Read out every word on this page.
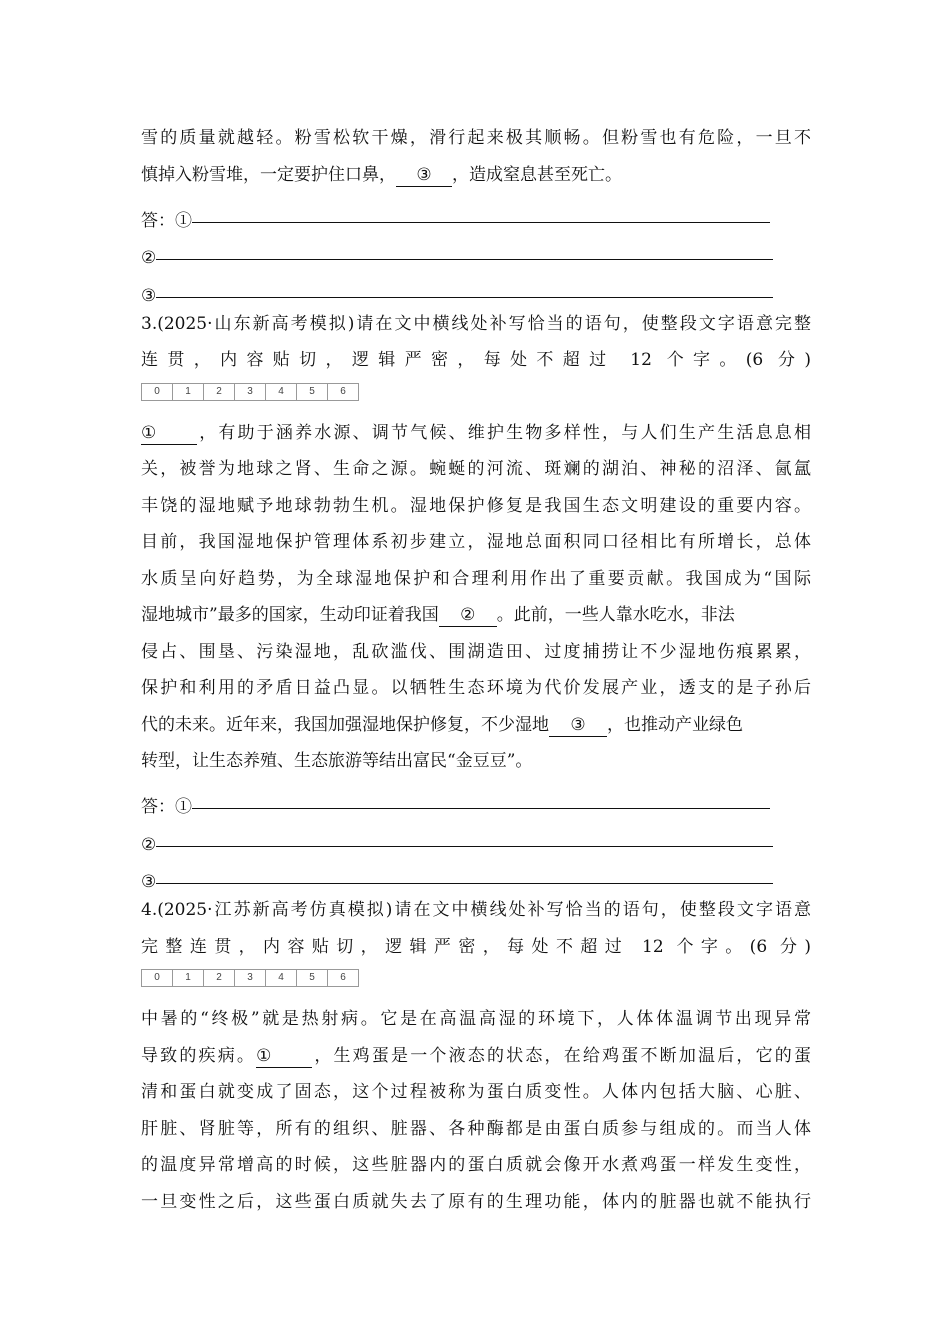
雪的质量就越轻。粉雪松软干燥，滑行起来极其顺畅。但粉雪也有危险，一旦不
慎掉入粉雪堆，一定要护住口鼻， ③ ，造成窒息甚至死亡。
答：①
②
③
3.(2025·山东新高考模拟)请在文中横线处补写恰当的语句，使整段文字语意完整
连贯，内容贴切，逻辑严密，每处不超过 12 个字。(6 分)
0	1	2	3	4	5	6
① ，有助于涵养水源、调节气候、维护生物多样性，与人们生产生活息息相
关，被誉为地球之肾、生命之源。蜿蜒的河流、斑斓的湖泊、神秘的沼泽、氤氲
丰饶的湿地赋予地球勃勃生机。湿地保护修复是我国生态文明建设的重要内容。
目前，我国湿地保护管理体系初步建立，湿地总面积同口径相比有所增长，总体
水质呈向好趋势，为全球湿地保护和合理利用作出了重要贡献。我国成为“国际
湿地城市”最多的国家，生动印证着我国 ② 。此前，一些人靠水吃水，非法
侵占、围垦、污染湿地，乱砍滥伐、围湖造田、过度捕捞让不少湿地伤痕累累，
保护和利用的矛盾日益凸显。以牺牲生态环境为代价发展产业，透支的是子孙后
代的未来。近年来，我国加强湿地保护修复，不少湿地 ③ ，也推动产业绿色
转型，让生态养殖、生态旅游等结出富民“金豆豆”。
答：①
②
③
4.(2025·江苏新高考仿真模拟)请在文中横线处补写恰当的语句，使整段文字语意
完整连贯，内容贴切，逻辑严密，每处不超过 12 个字。(6 分)
0	1	2	3	4	5	6
中暑的“终极”就是热射病。它是在高温高湿的环境下，人体体温调节出现异常
导致的疾病。① ，生鸡蛋是一个液态的状态，在给鸡蛋不断加温后，它的蛋
清和蛋白就变成了固态，这个过程被称为蛋白质变性。人体内包括大脑、心脏、
肝脏、肾脏等，所有的组织、脏器、各种酶都是由蛋白质参与组成的。而当人体
的温度异常增高的时候，这些脏器内的蛋白质就会像开水煮鸡蛋一样发生变性，
一旦变性之后，这些蛋白质就失去了原有的生理功能，体内的脏器也就不能执行
